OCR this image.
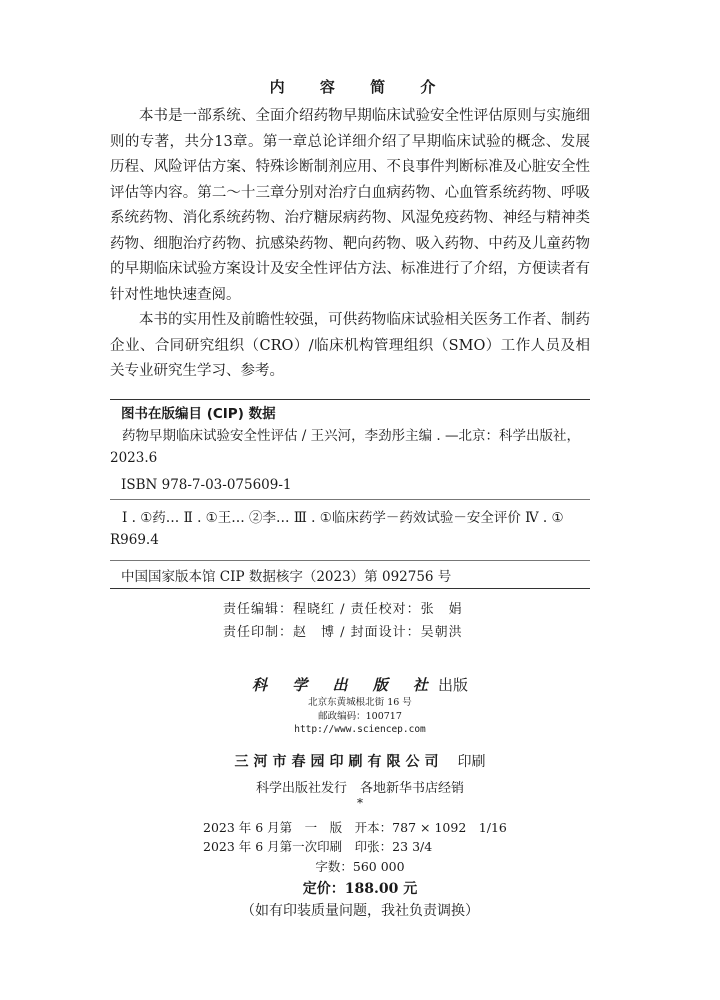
内 容 简 介

本书是一部系统、全面介绍药物早期临床试验安全性评估原则与实施细则的专著，共分13章。第一章总论详细介绍了早期临床试验的概念、发展历程、风险评估方案、特殊诊断制剂应用、不良事件判断标准及心脏安全性评估等内容。第二～十三章分别对治疗白血病药物、心血管系统药物、呼吸系统药物、消化系统药物、治疗糖尿病药物、风湿免疫药物、神经与精神类药物、细胞治疗药物、抗感染药物、靶向药物、吸入药物、中药及儿童药物的早期临床试验方案设计及安全性评估方法、标准进行了介绍，方便读者有针对性地快速查阅。

本书的实用性及前瞻性较强，可供药物临床试验相关医务工作者、制药企业、合同研究组织（CRO）/临床机构管理组织（SMO）工作人员及相关专业研究生学习、参考。

图书在版编目 (CIP) 数据
药物早期临床试验安全性评估 / 王兴河，李劲彤主编 . —北京：科学出版社，2023.6
ISBN 978-7-03-075609-1
Ⅰ . ①药… Ⅱ . ①王… ②李… Ⅲ . ①临床药学－药效试验－安全评价 Ⅳ . ① R969.4
中国国家版本馆 CIP 数据核字（2023）第 092756 号
责任编辑：程晓红 / 责任校对：张　娟
责任印制：赵　博 / 封面设计：吴朝洪
科 学 出 版 社出版
北京东黄城根北街 16 号
邮政编码：100717
http://www.sciencep.com
三河市春园印刷有限公司　 印刷
科学出版社发行　各地新华书店经销
*
2023 年 6 月第　一　版　开本：787 × 1092　1/16
2023 年 6 月第一次印刷　印张：23 3/4
字数：560 000
定价：188.00 元
（如有印装质量问题，我社负责调换）
